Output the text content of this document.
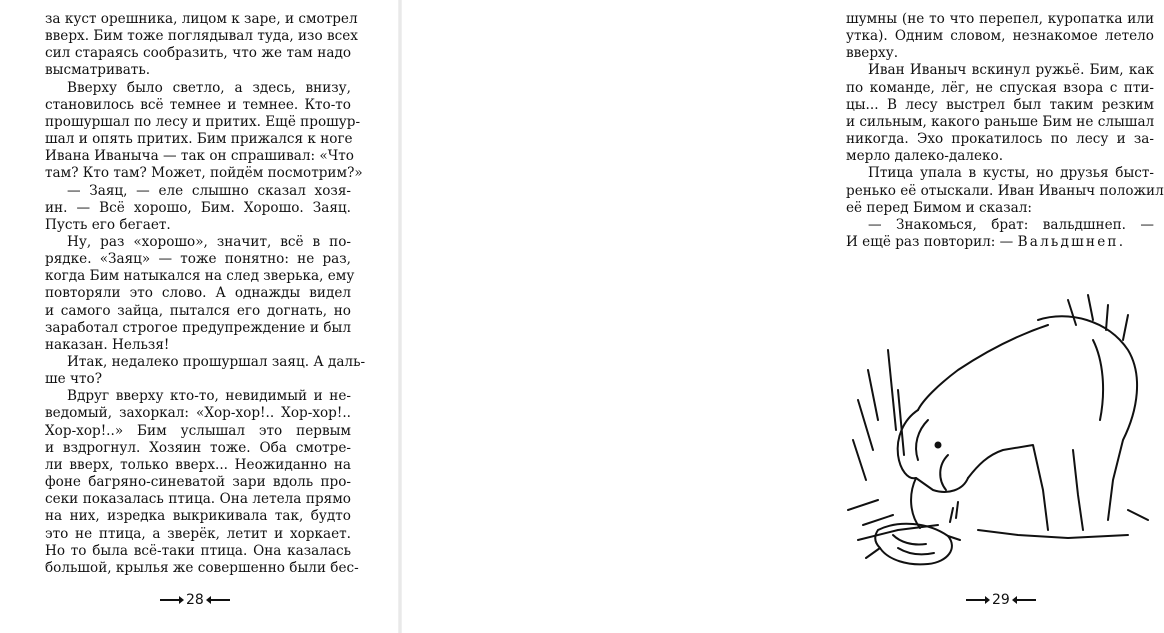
за куст орешника, лицом к заре, и смотрел
вверх. Бим тоже поглядывал туда, изо всех
сил стараясь сообразить, что же там надо
высматривать.
Вверху было светло, а здесь, внизу,
становилось всё темнее и темнее. Кто-то
прошуршал по лесу и притих. Ещё прошур-
шал и опять притих. Бим прижался к ноге
Ивана Иваныча — так он спрашивал: «Что
там? Кто там? Может, пойдём посмотрим?»
— Заяц, — еле слышно сказал хозя-
ин. — Всё хорошо, Бим. Хорошо. Заяц.
Пусть его бегает.
Ну, раз «хорошо», значит, всё в по-
рядке. «Заяц» — тоже понятно: не раз,
когда Бим натыкался на след зверька, ему
повторяли это слово. А однажды видел
и самого зайца, пытался его догнать, но
заработал строгое предупреждение и был
наказан. Нельзя!
Итак, недалеко прошуршал заяц. А даль-
ше что?
Вдруг вверху кто-то, невидимый и не-
ведомый, захоркал: «Хор-хор!.. Хор-хор!..
Хор-хор!..» Бим услышал это первым
и вздрогнул. Хозяин тоже. Оба смотре-
ли вверх, только вверх... Неожиданно на
фоне багряно-синеватой зари вдоль про-
секи показалась птица. Она летела прямо
на них, изредка выкрикивала так, будто
это не птица, а зверёк, летит и хоркает.
Но то была всё-таки птица. Она казалась
большой, крылья же совершенно были бес-
шумны (не то что перепел, куропатка или
утка). Одним словом, незнакомое летело
вверху.
Иван Иваныч вскинул ружьё. Бим, как
по команде, лёг, не спуская взора с пти-
цы... В лесу выстрел был таким резким
и сильным, какого раньше Бим не слышал
никогда. Эхо прокатилось по лесу и за-
мерло далеко-далеко.
Птица упала в кусты, но друзья быст-
ренько её отыскали. Иван Иваныч положил
её перед Бимом и сказал:
— Знакомься, брат: вальдшнеп. —
И ещё раз повторил: — Вальдшнеп.
29
28
